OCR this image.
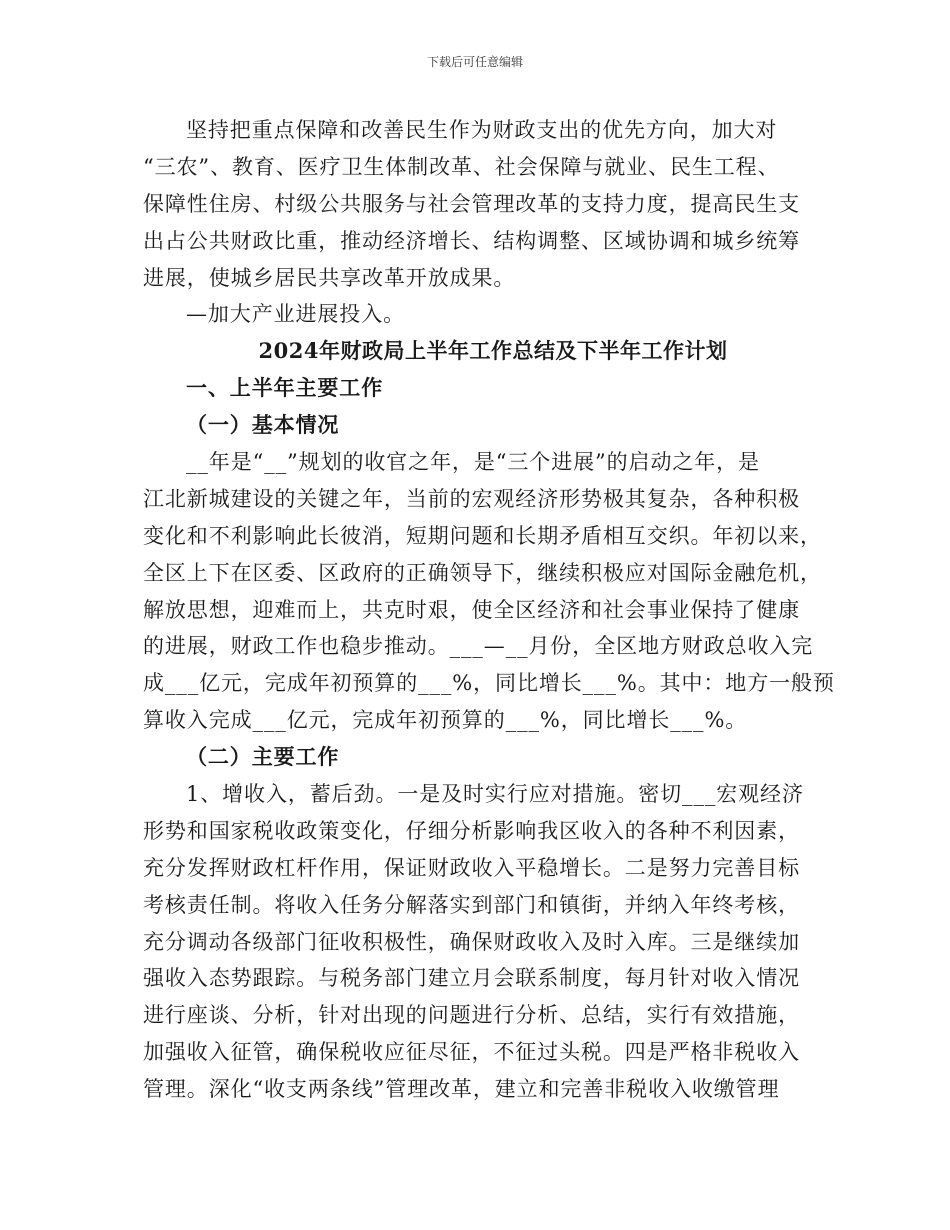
下载后可任意编辑
坚持把重点保障和改善民生作为财政支出的优先方向，加大对
“三农”、教育、医疗卫生体制改革、社会保障与就业、民生工程、
保障性住房、村级公共服务与社会管理改革的支持力度，提高民生支
出占公共财政比重，推动经济增长、结构调整、区域协调和城乡统筹
进展，使城乡居民共享改革开放成果。
—加大产业进展投入。
2024年财政局上半年工作总结及下半年工作计划
一、上半年主要工作
（一）基本情况
__年是“__”规划的收官之年，是“三个进展”的启动之年，是
江北新城建设的关键之年，当前的宏观经济形势极其复杂，各种积极
变化和不利影响此长彼消，短期问题和长期矛盾相互交织。年初以来，
全区上下在区委、区政府的正确领导下，继续积极应对国际金融危机，
解放思想，迎难而上，共克时艰，使全区经济和社会事业保持了健康
的进展，财政工作也稳步推动。___—__月份，全区地方财政总收入完
成___亿元，完成年初预算的___%，同比增长___%。其中：地方一般预
算收入完成___亿元，完成年初预算的___%，同比增长___%。
（二）主要工作
1、增收入，蓄后劲。一是及时实行应对措施。密切___宏观经济
形势和国家税收政策变化，仔细分析影响我区收入的各种不利因素，
充分发挥财政杠杆作用，保证财政收入平稳增长。二是努力完善目标
考核责任制。将收入任务分解落实到部门和镇街，并纳入年终考核，
充分调动各级部门征收积极性，确保财政收入及时入库。三是继续加
强收入态势跟踪。与税务部门建立月会联系制度，每月针对收入情况
进行座谈、分析，针对出现的问题进行分析、总结，实行有效措施，
加强收入征管，确保税收应征尽征，不征过头税。四是严格非税收入
管理。深化“收支两条线”管理改革，建立和完善非税收入收缴管理
